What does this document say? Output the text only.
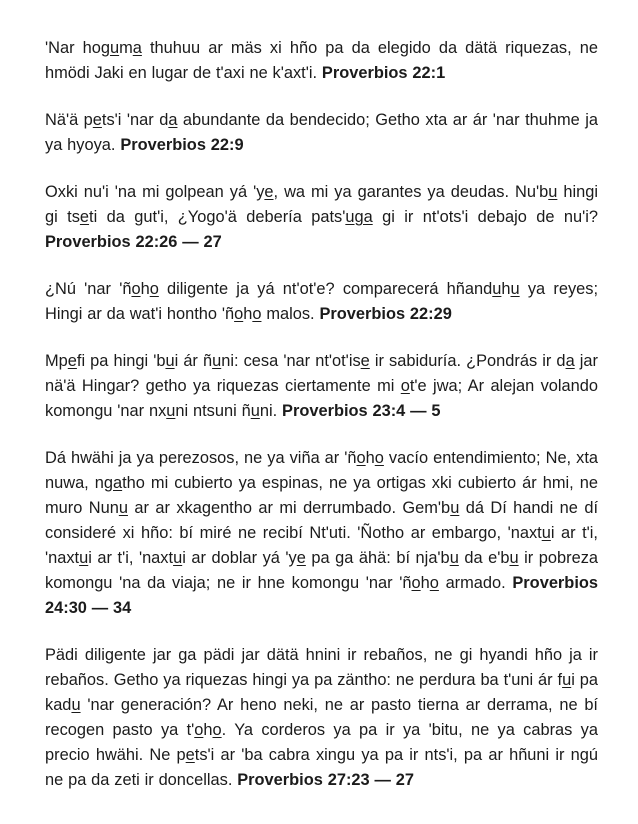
'Nar hoguma thuhuu ar mäs xi hño pa da elegido da dätä riquezas, ne hmödi Jaki en lugar de t'axi ne k'axt'i. Proverbios 22:1

Nä'ä pets'i 'nar da abundante da bendecido; Getho xta ar ár 'nar thuhme ja ya hyoya. Proverbios 22:9

Oxki nu'i 'na mi golpean yá 'ye, wa mi ya garantes ya deudas. Nu'bu hingi gi tseti da gut'i, ¿Yogo'ä debería pats'uga gi ir nt'ots'i debajo de nu'i? Proverbios 22:26 — 27

¿Nú 'nar 'ñoho diligente ja yá nt'ot'e? comparecerá hñanduhu ya reyes; Hingi ar da wat'i hontho 'ñoho malos. Proverbios 22:29

Mpefi pa hingi 'bui ár ñuni: cesa 'nar nt'ot'ise ir sabiduría. ¿Pondrás ir da jar nä'ä Hingar? getho ya riquezas ciertamente mi ot'e jwa; Ar alejan volando komongu 'nar nxuni ntsuni ñuni. Proverbios 23:4 — 5

Dá hwähi ja ya perezosos, ne ya viña ar 'ñoho vacío entendimiento; Ne, xta nuwa, ngatho mi cubierto ya espinas, ne ya ortigas xki cubierto ár hmi, ne muro Nunu ar ar xkagentho ar mi derrumbado. Gem'bu dá Dí handi ne dí consideré xi hño: bí miré ne recibí Nt'uti. 'Ñotho ar embargo, 'naxtui ar t'i, 'naxtui ar t'i, 'naxtui ar doblar yá 'ye pa ga ähä: bí nja'bu da e'bu ir pobreza komongu 'na da viaja; ne ir hne komongu 'nar 'ñoho armado. Proverbios 24:30 — 34

Pädi diligente jar ga pädi jar dätä hnini ir rebaños, ne gi hyandi hño ja ir rebaños. Getho ya riquezas hingi ya pa zäntho: ne perdura ba t'uni ár fui pa kadu 'nar generación? Ar heno neki, ne ar pasto tierna ar derrama, ne bí recogen pasto ya t'oho. Ya corderos ya pa ir ya 'bitu, ne ya cabras ya precio hwähi. Ne pets'i ar 'ba cabra xingu ya pa ir nts'i, pa ar hñuni ir ngú ne pa da zeti ir doncellas. Proverbios 27:23 — 27
